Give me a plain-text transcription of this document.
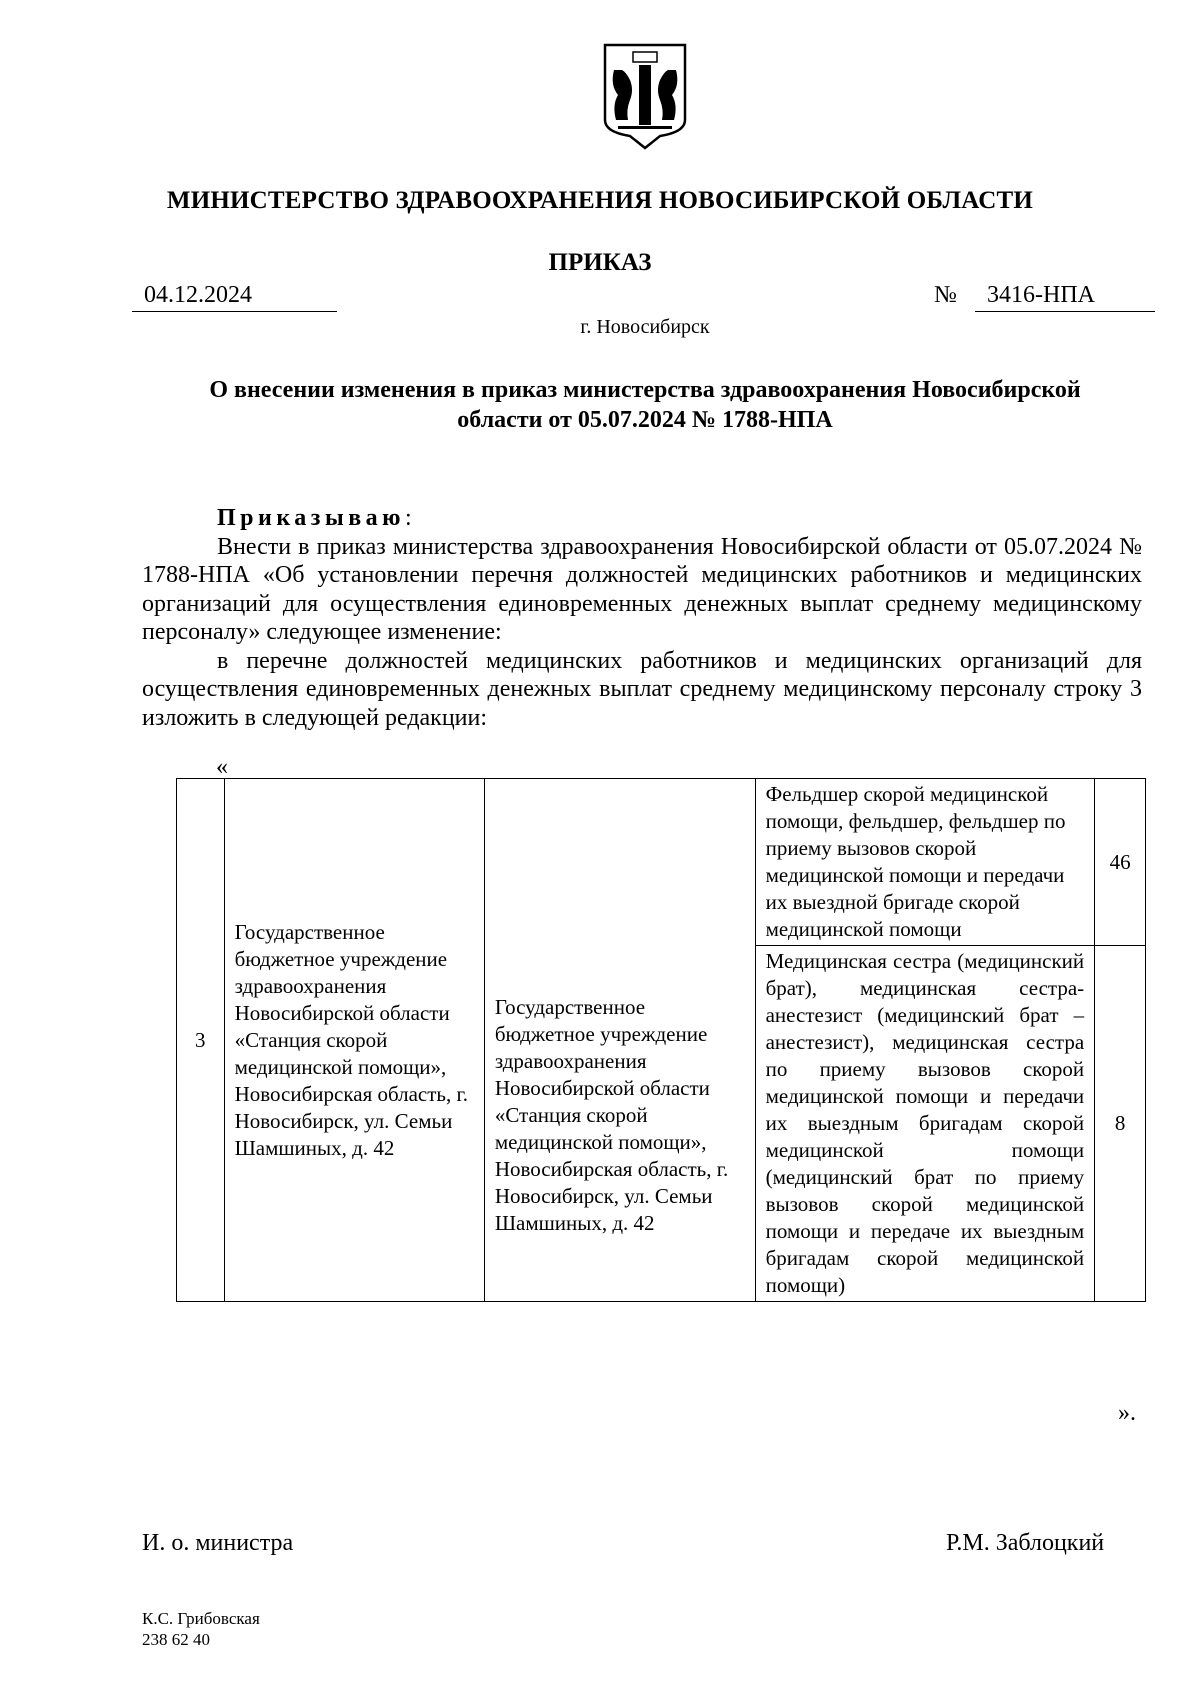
МИНИСТЕРСТВО ЗДРАВООХРАНЕНИЯ НОВОСИБИРСКОЙ ОБЛАСТИ
ПРИКАЗ
04.12.2024	№	3416-НПА
г. Новосибирск
О внесении изменения в приказ министерства здравоохранения Новосибирской
области от 05.07.2024 № 1788-НПА

Приказываю:

Внести в приказ министерства здравоохранения Новосибирской области от 05.07.2024 № 1788-НПА «Об установлении перечня должностей медицинских работников и медицинских организаций для осуществления единовременных денежных выплат среднему медицинскому персоналу» следующее изменение:

в перечне должностей медицинских работников и медицинских организаций для осуществления единовременных денежных выплат среднему медицинскому персоналу строку 3 изложить в следующей редакции:

«
3	Государственное бюджетное учреждение здравоохранения Новосибирской области «Станция скорой медицинской помощи», Новосибирская область, г. Новосибирск, ул. Семьи Шамшиных, д. 42	Государственное бюджетное учреждение здравоохранения Новосибирской области «Станция скорой медицинской помощи», Новосибирская область, г. Новосибирск, ул. Семьи Шамшиных, д. 42	Фельдшер скорой медицинской помощи, фельдшер, фельдшер по приему вызовов скорой медицинской помощи и передачи их выездной бригаде скорой медицинской помощи	46
			Медицинская сестра (медицинский брат), медицинская сестра-анестезист (медицинский брат – анестезист), медицинская сестра по приему вызовов скорой медицинской помощи и передачи их выездным бригадам скорой медицинской помощи (медицинский брат по приему вызовов скорой медицинской помощи и передаче их выездным бригадам скорой медицинской помощи)	8
».
И. о. министра	Р.М. Заблоцкий
К.С. Грибовская
238 62 40
